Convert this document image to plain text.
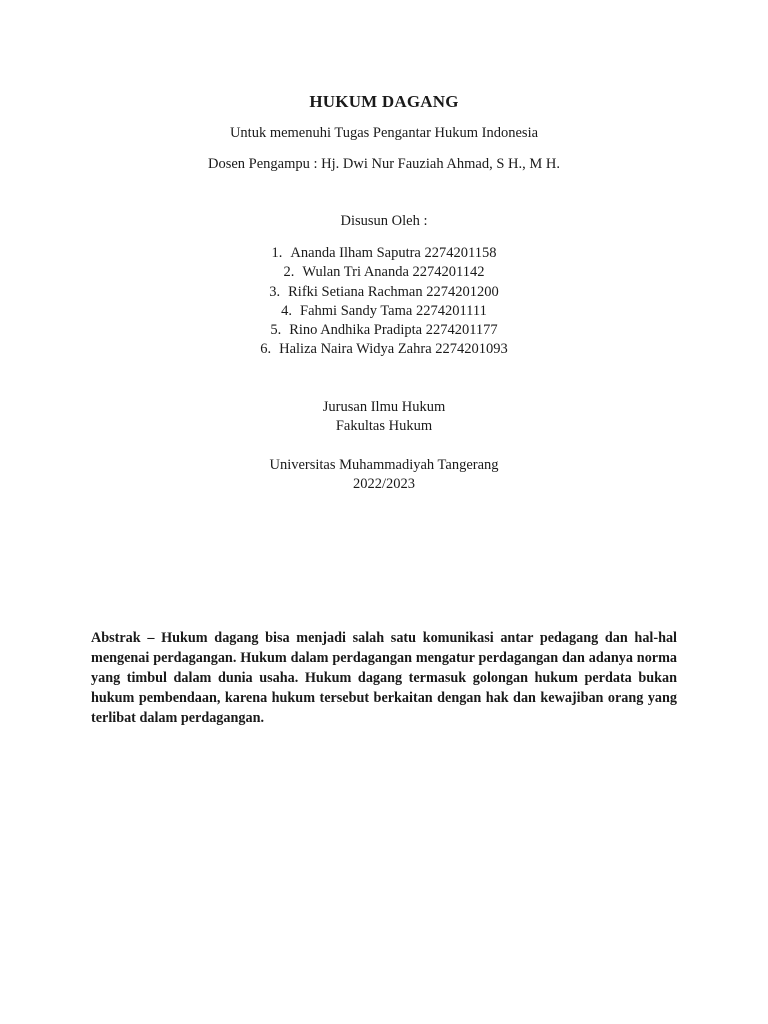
HUKUM DAGANG
Untuk memenuhi Tugas Pengantar Hukum Indonesia
Dosen Pengampu : Hj. Dwi Nur Fauziah Ahmad, S H., M H.
Disusun Oleh :
1. Ananda Ilham Saputra 2274201158
2. Wulan Tri Ananda 2274201142
3. Rifki Setiana Rachman 2274201200
4. Fahmi Sandy Tama 2274201111
5. Rino Andhika Pradipta 2274201177
6. Haliza Naira Widya Zahra 2274201093
Jurusan Ilmu Hukum
Fakultas Hukum
Universitas Muhammadiyah Tangerang
2022/2023

Abstrak – Hukum dagang bisa menjadi salah satu komunikasi antar pedagang dan hal-hal mengenai perdagangan. Hukum dalam perdagangan mengatur perdagangan dan adanya norma yang timbul dalam dunia usaha. Hukum dagang termasuk golongan hukum perdata bukan hukum pembendaan, karena hukum tersebut berkaitan dengan hak dan kewajiban orang yang terlibat dalam perdagangan.
